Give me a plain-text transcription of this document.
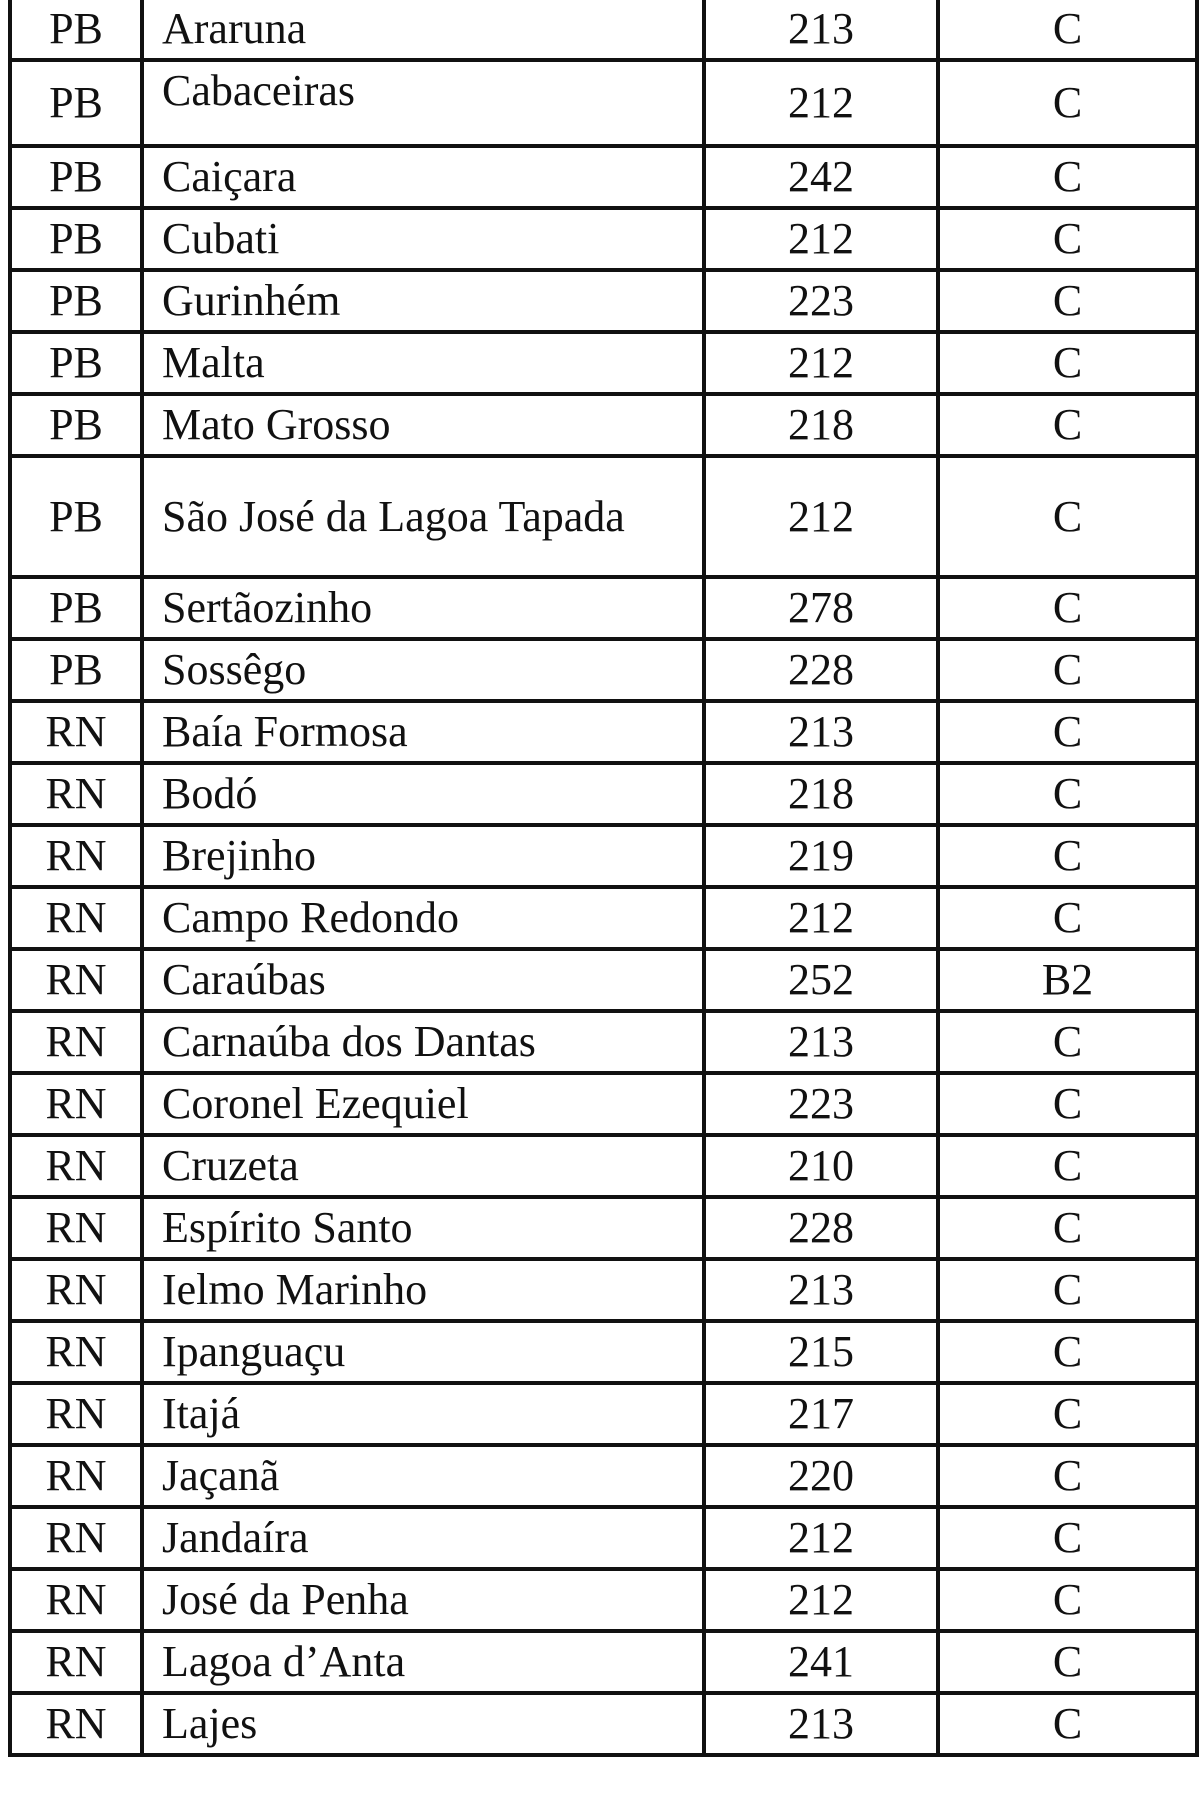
PB	Araruna	213	C
PB	Cabaceiras	212	C
PB	Caiçara	242	C
PB	Cubati	212	C
PB	Gurinhém	223	C
PB	Malta	212	C
PB	Mato Grosso	218	C
PB	São José da Lagoa Tapada	212	C
PB	Sertãozinho	278	C
PB	Sossêgo	228	C
RN	Baía Formosa	213	C
RN	Bodó	218	C
RN	Brejinho	219	C
RN	Campo Redondo	212	C
RN	Caraúbas	252	B2
RN	Carnaúba dos Dantas	213	C
RN	Coronel Ezequiel	223	C
RN	Cruzeta	210	C
RN	Espírito Santo	228	C
RN	Ielmo Marinho	213	C
RN	Ipanguaçu	215	C
RN	Itajá	217	C
RN	Jaçanã	220	C
RN	Jandaíra	212	C
RN	José da Penha	212	C
RN	Lagoa d’Anta	241	C
RN	Lajes	213	C
